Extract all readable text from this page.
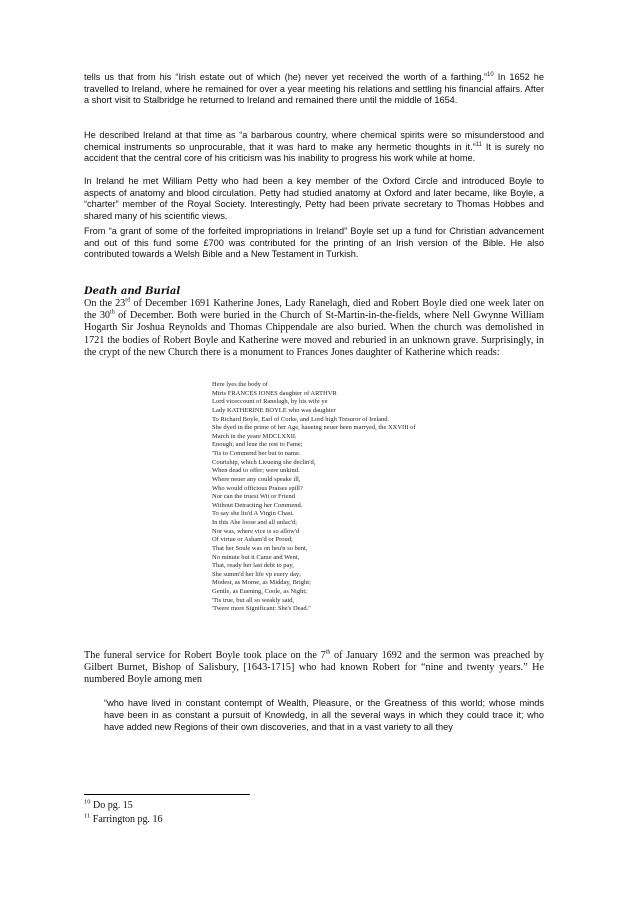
tells us that from his “Irish estate out of which (he) never yet received the worth of a farthing.”$^{10}$ In 1652 he travelled to Ireland, where he remained for over a year meeting his relations and settling his financial affairs. After a short visit to Stalbridge he returned to Ireland and remained there until the middle of 1654.

He described Ireland at that time as “a barbarous country, where chemical spirits were so misunderstood and chemical instruments so unprocurable, that it was hard to make any hermetic thoughts in it.”$^{11}$ It is surely no accident that the central core of his criticism was his inability to progress his work while at home.

In Ireland he met William Petty who had been a key member of the Oxford Circle and introduced Boyle to aspects of anatomy and blood circulation. Petty had studied anatomy at Oxford and later became, like Boyle, a “charter” member of the Royal Society. Interestingly, Petty had been private secretary to Thomas Hobbes and shared many of his scientific views.

From “a grant of some of the forfeited impropriations in Ireland” Boyle set up a fund for Christian advancement and out of this fund some £700 was contributed for the printing of an Irish version of the Bible. He also contributed towards a Welsh Bible and a New Testament in Turkish.

Death and Burial

On the 23rd of December 1691 Katherine Jones, Lady Ranelagh, died and Robert Boyle died one week later on the 30th of December. Both were buried in the Church of St-Martin-in-the-fields, where Nell Gwynne William Hogarth Sir Joshua Reynolds and Thomas Chippendale are also buried. When the church was demolished in 1721 the bodies of Robert Boyle and Katherine were moved and reburied in an unknown grave. Surprisingly, in the crypt of the new Church there is a monument to Frances Jones daughter of Katherine which reads:

Here lyes the body of
Mtris FRANCES IONES daughter of ARTHVR
Lord viceccount of Ranelagh, by his wife ye
Lady KATHERINE BOYLE who was daughter
To Richard Boyle, Earl of Corke, and Lord high Tresuror of Ireland.
She dyed in the prime of her Age, haueing neuer been marryed, the XXVIII of
March in the yeare MDCLXXII.
Enough; and leue the rest to Fame;
'Tis to Commend her but to name.
Courtship, which Lieueing she declin'd,
When dead to offer; were unkind.
Where neuer any could speake ill,
Who would officious Praises spill?
Nor can the truest Wit or Friend
Without Detracting her Commend.
To say she liu'd A Virgin Chast.
In this Ahe loose and all unlac'd;
Nor was, where vice is so allow'd
Of virtue or Asham'd or Proud;
That her Soule was on heu'n so bent,
No minute but it Came and Went,
That, ready her last debt to pay,
She summ'd her life vp euery day;
Modest, as Morne, as Midday, Bright;
Gentle, as Euening, Coole, as Night;
'Tis true, but all so weakly said,
'Twere more Significant: She's Dead."

The funeral service for Robert Boyle took place on the 7th of January 1692 and the sermon was preached by Gilbert Burnet, Bishop of Salisbury, [1643-1715] who had known Robert for “nine and twenty years.” He numbered Boyle among men

“who have lived in constant contempt of Wealth, Pleasure, or the Greatness of this world; whose minds have been in as constant a pursuit of Knowledg, in all the several ways in which they could trace it; who have added new Regions of their own discoveries, and that in a vast variety to all they

$^{10}$ Do pg. 15
$^{11}$ Farrington pg. 16
